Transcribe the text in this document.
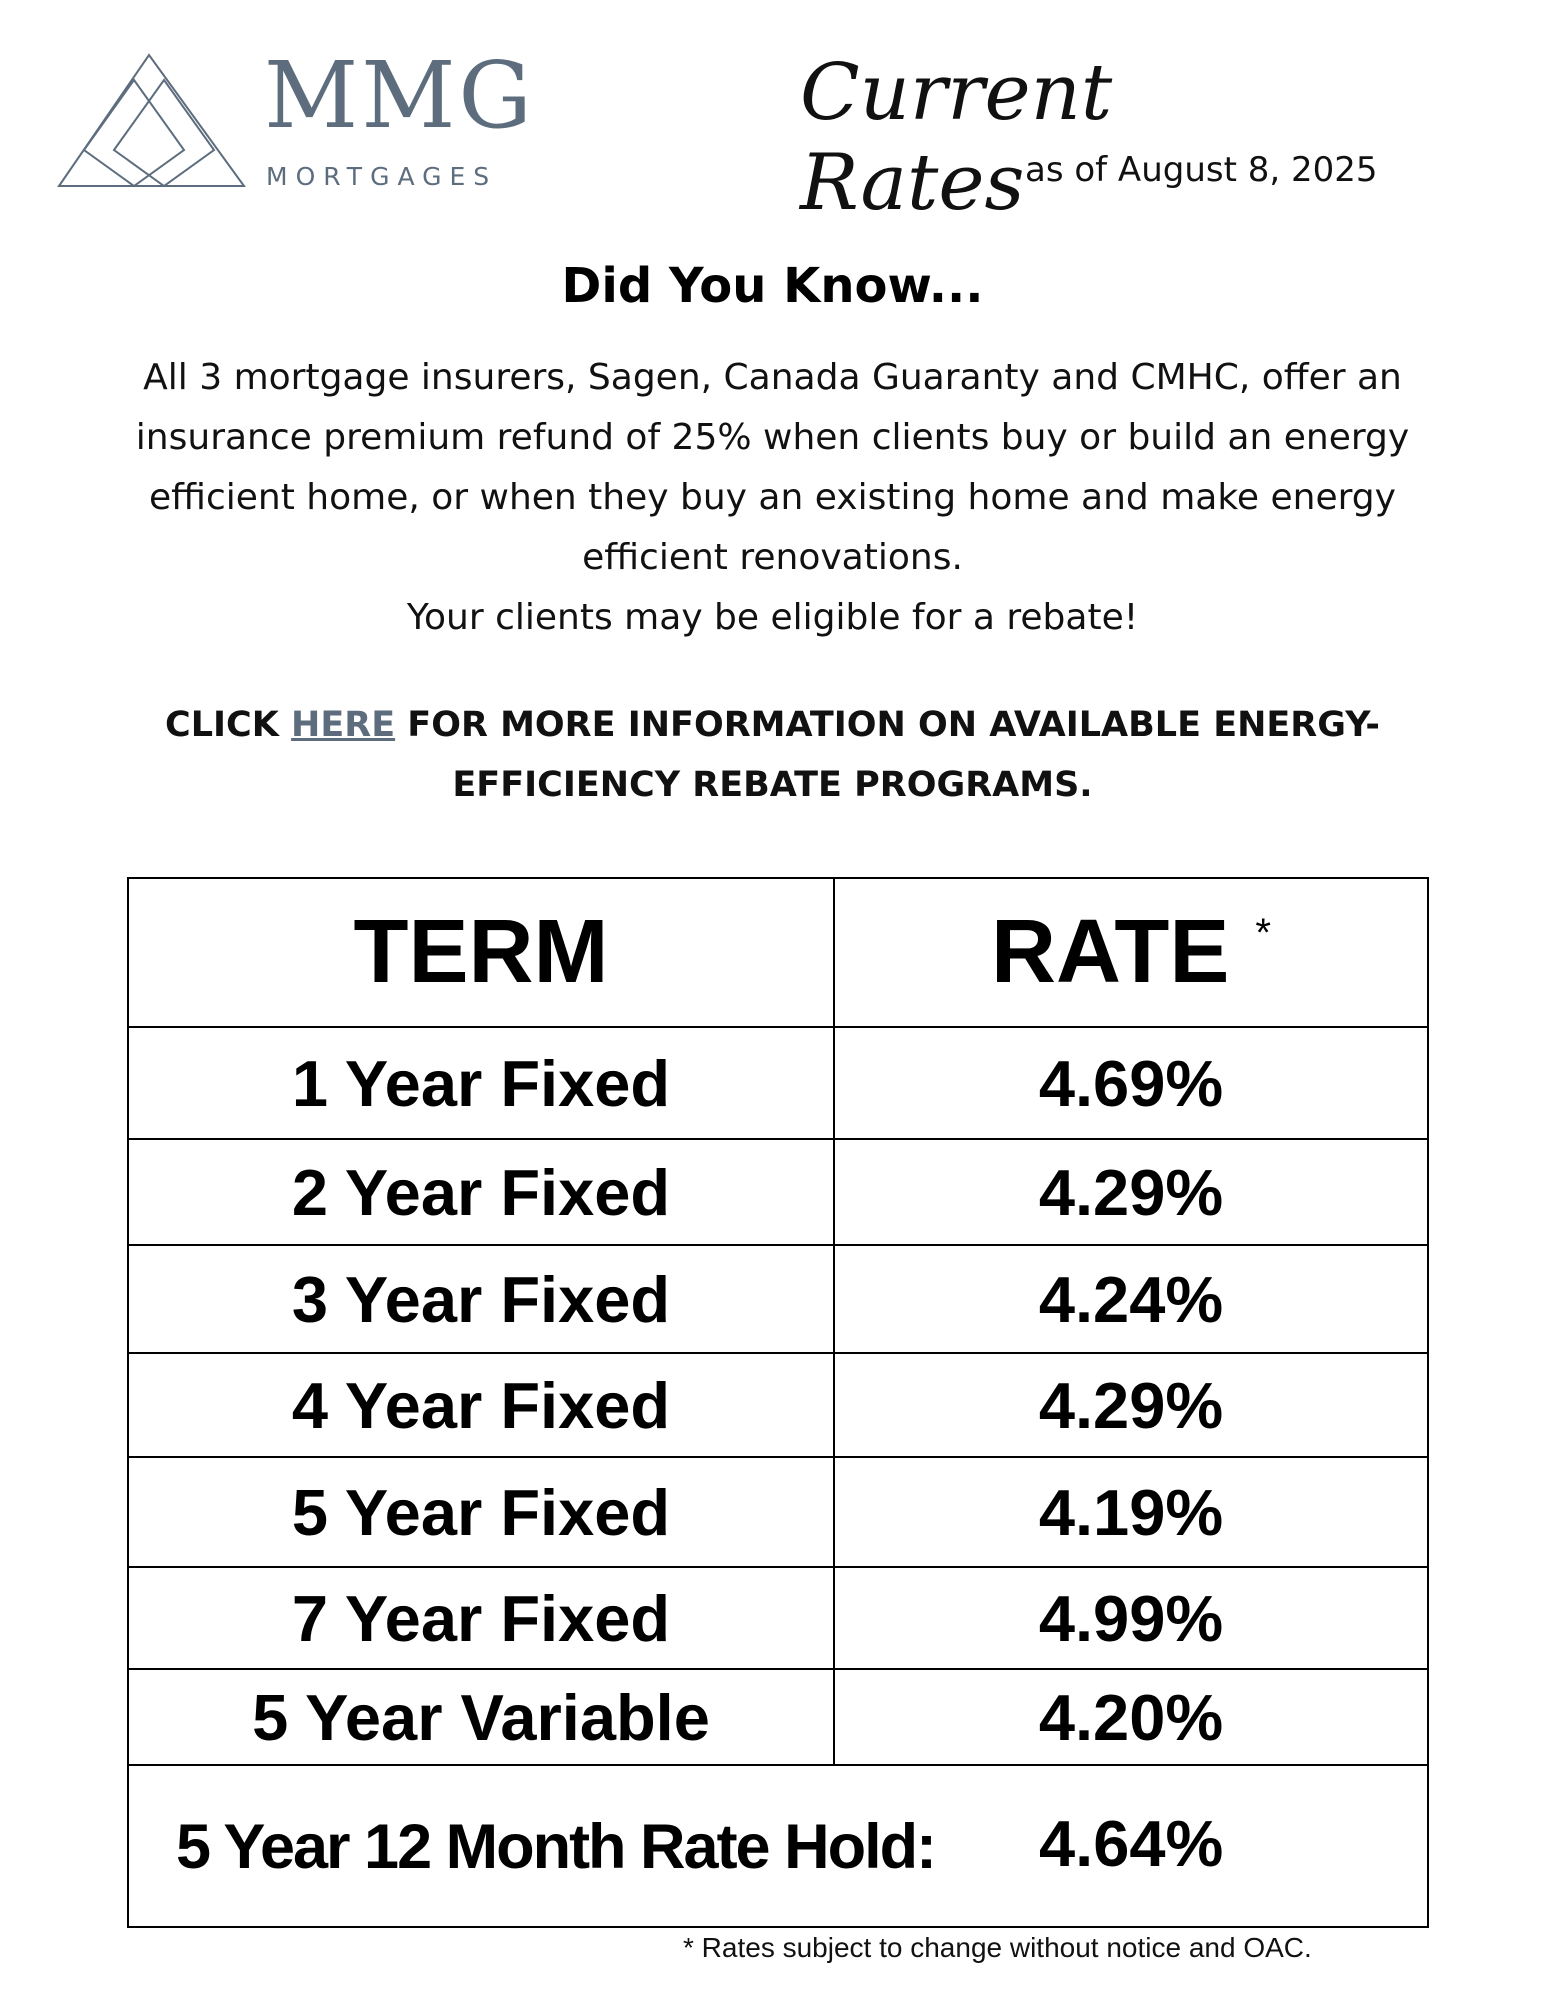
MMG
MORTGAGES
Current Rates as of August 8, 2025
Did You Know...

All 3 mortgage insurers, Sagen, Canada Guaranty and CMHC, offer an insurance premium refund of 25% when clients buy or build an energy efficient home, or when they buy an existing home and make energy efficient renovations.

Your clients may be eligible for a rebate!

CLICK HERE FOR MORE INFORMATION ON AVAILABLE ENERGY-EFFICIENCY REBATE PROGRAMS.
TERM	RATE *
1 Year Fixed	4.69%
2 Year Fixed	4.29%
3 Year Fixed	4.24%
4 Year Fixed	4.29%
5 Year Fixed	4.19%
7 Year Fixed	4.99%
5 Year Variable	4.20%

5 Year 12 Month Rate Hold: 4.64%	
* Rates subject to change without notice and OAC.
